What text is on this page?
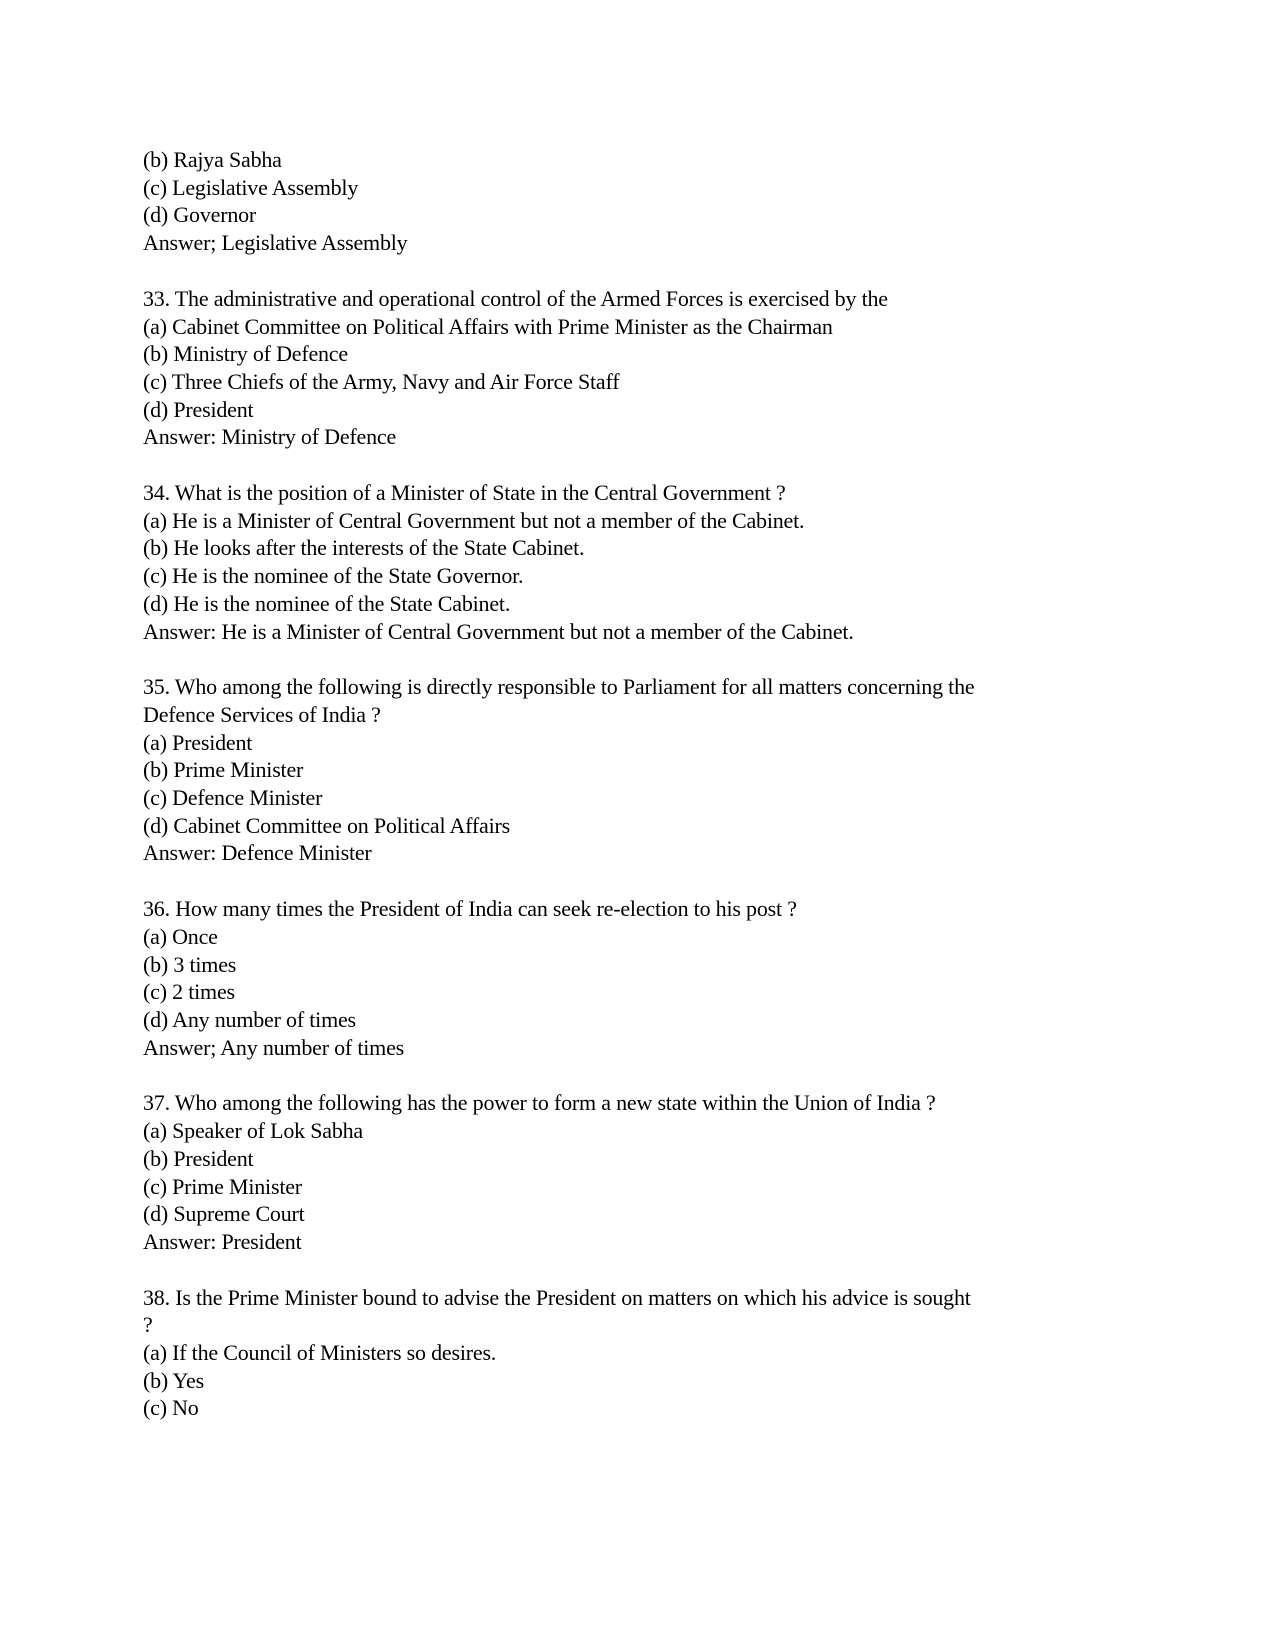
(b) Rajya Sabha
(c) Legislative Assembly
(d) Governor
Answer; Legislative Assembly
33. The administrative and operational control of the Armed Forces is exercised by the
(a) Cabinet Committee on Political Affairs with Prime Minister as the Chairman
(b) Ministry of Defence
(c) Three Chiefs of the Army, Navy and Air Force Staff
(d) President
Answer: Ministry of Defence
34. What is the position of a Minister of State in the Central Government ?
(a) He is a Minister of Central Government but not a member of the Cabinet.
(b) He looks after the interests of the State Cabinet.
(c) He is the nominee of the State Governor.
(d) He is the nominee of the State Cabinet.
Answer: He is a Minister of Central Government but not a member of the Cabinet.
35. Who among the following is directly responsible to Parliament for all matters concerning the
Defence Services of India ?
(a) President
(b) Prime Minister
(c) Defence Minister
(d) Cabinet Committee on Political Affairs
Answer: Defence Minister
36. How many times the President of India can seek re-election to his post ?
(a) Once
(b) 3 times
(c) 2 times
(d) Any number of times
Answer; Any number of times
37. Who among the following has the power to form a new state within the Union of India ?
(a) Speaker of Lok Sabha
(b) President
(c) Prime Minister
(d) Supreme Court
Answer: President
38. Is the Prime Minister bound to advise the President on matters on which his advice is sought
?
(a) If the Council of Ministers so desires.
(b) Yes
(c) No
